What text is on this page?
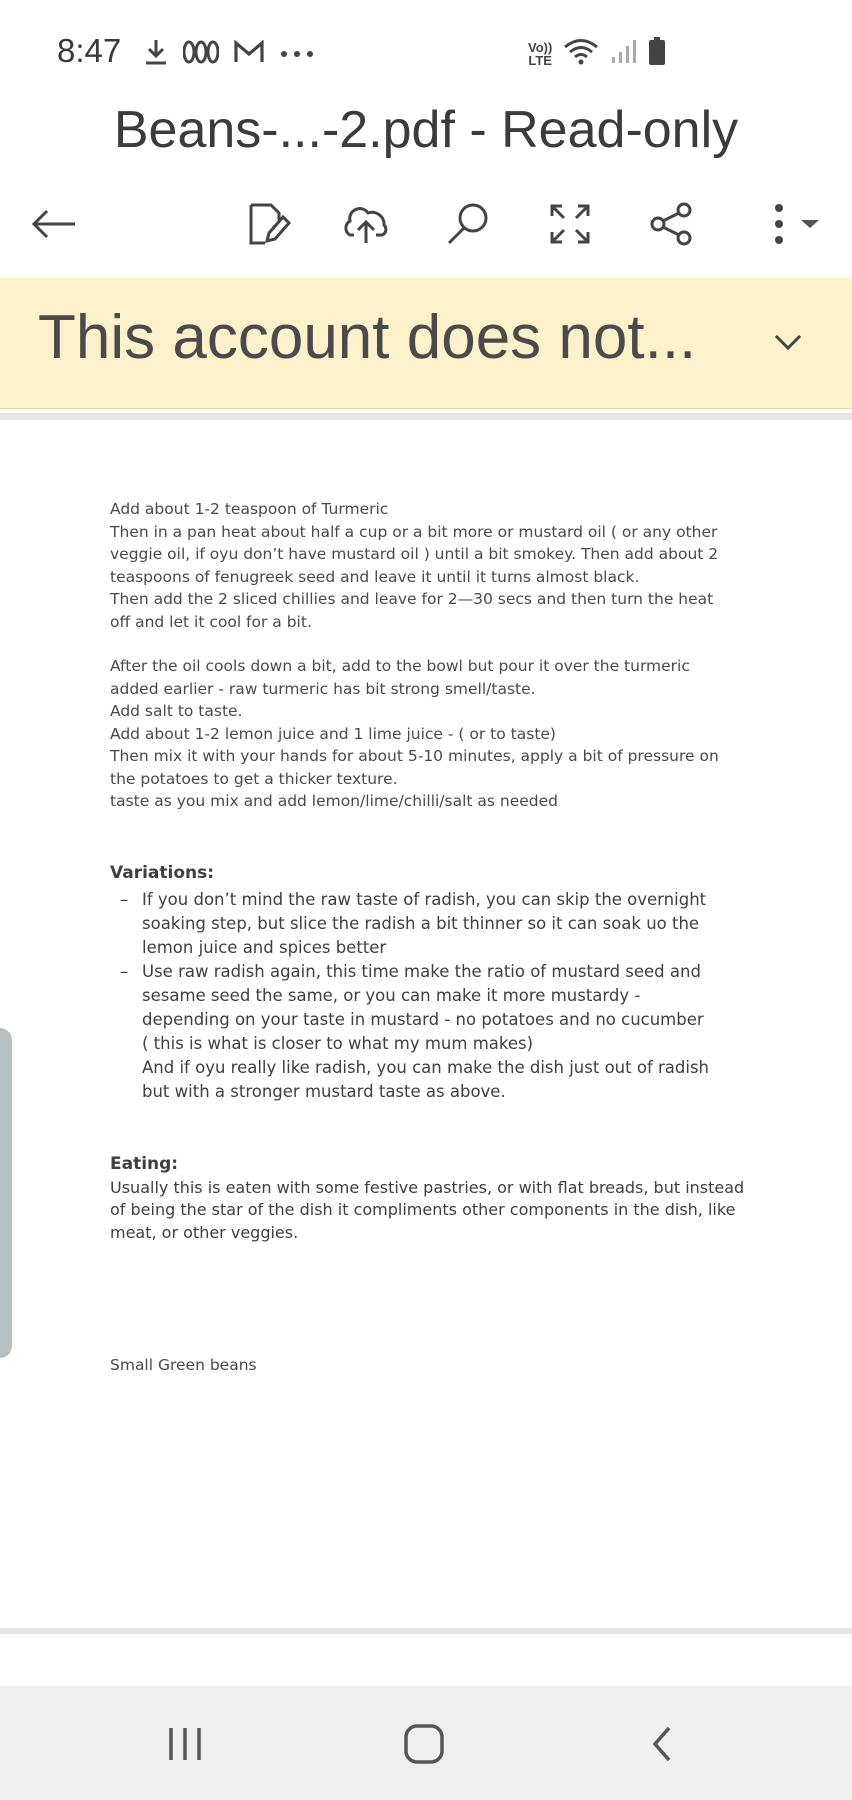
8:47	Vo))
LTE
Beans-...-2.pdf - Read-only
This account does not...

Add about 1-2 teaspoon of Turmeric

Then in a pan heat about half a cup or a bit more or mustard oil ( or any other

veggie oil, if oyu don’t have mustard oil ) until a bit smokey. Then add about 2

teaspoons of fenugreek seed and leave it until it turns almost black.

Then add the 2 sliced chillies and leave for 2—30 secs and then turn the heat

off and let it cool for a bit.

After the oil cools down a bit, add to the bowl but pour it over the turmeric

added earlier - raw turmeric has bit strong smell/taste.

Add salt to taste.

Add about 1-2 lemon juice and 1 lime juice - ( or to taste)

Then mix it with your hands for about 5-10 minutes, apply a bit of pressure on

the potatoes to get a thicker texture.

taste as you mix and add lemon/lime/chilli/salt as needed

Variations:
– If you don’t mind the raw taste of radish, you can skip the overnight
soaking step, but slice the radish a bit thinner so it can soak uo the
lemon juice and spices better
– Use raw radish again, this time make the ratio of mustard seed and
sesame seed the same, or you can make it more mustardy -
depending on your taste in mustard - no potatoes and no cucumber
( this is what is closer to what my mum makes)
And if oyu really like radish, you can make the dish just out of radish
but with a stronger mustard taste as above.
Eating:

Usually this is eaten with some festive pastries, or with flat breads, but instead

of being the star of the dish it compliments other components in the dish, like

meat, or other veggies.

Small Green beans
